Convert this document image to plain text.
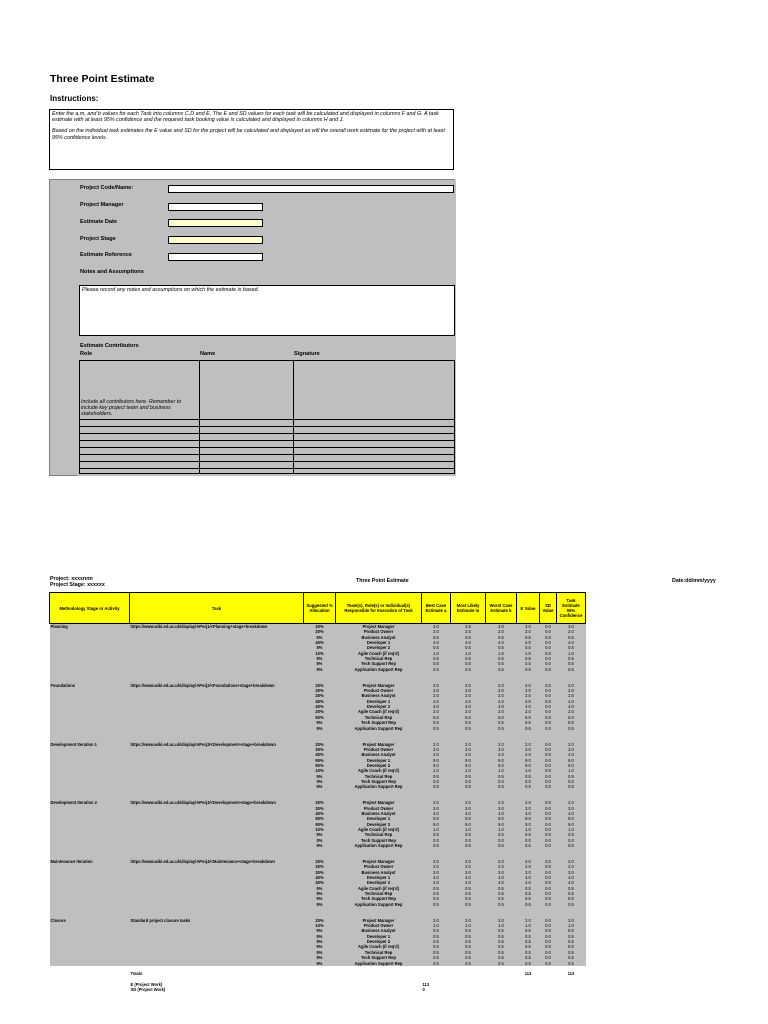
Three Point Estimate
Instructions:

Enter the a,m, and b values for each Task into columns C,D and E. The E and SD values for each task will be calculated and displayed in columns F and G. A task estimate with at least 95% confidence and the required task booking value is calculated and displayed in columns H and J.

Based on the individual task estimates the E value and SD for the project will be calculated and displayed as will the overall work estimate for the project with at least 95% confidence levels.

Project Code/Name:
Project Manager
Estimate Date
Project Stage
Estimate Reference
Notes and Assumptions
Please record any notes and assumptions on which the estimate is based.
Estimate Contributors
Role	Name	Signature
Include all contributors here. Remember to include key project team and business stakeholders.
Project: xxxxnnn
Project Stage: xxxxxx
Three Point Estimate	Date:dd/mm/yyyy
Methodology Stage or Activity	Task	Suggested % Allocation	Team(s), Role(s) or Individual(s) Responsible for Execution of Task	Best Case Estimate a	Most Likely Estimate m	Worst Case Estimate b	E Value	SD Value	Task Estimate 95% Confidence	
Planning	https://www.wiki.ed.ac.uk/display/APorj1/<Planning+stage+breakdown	20%	Project Manager	3.0	2.5	3.0	3.0	0.0	3.0	
		20%	Product Owner	2.0	2.5	2.0	2.0	0.0	2.0	
		5%	Business Analyst	0.5	0.5	0.5	0.5	0.0	0.5	
		40%	Developer 1	4.0	4.0	4.0	4.0	0.0	4.0	
		5%	Developer 2	0.5	0.5	0.5	0.5	0.0	0.5	
		10%	Agile Coach (if req'd)	1.0	1.0	1.0	1.0	0.0	1.0	
		5%	Technical Rep	0.5	0.5	0.5	0.5	0.0	0.5	
		5%	Tech Support Rep	0.5	0.5	0.5	0.5	0.0	0.5	
		5%	Application Support Rep	0.5	0.5	0.5	0.5	0.0	0.5	

Foundations	https://www.wiki.ed.ac.uk/display/APorj2/<Foundations+stage+breakdown	20%	Project Manager	2.0	2.0	2.0	2.0	0.0	2.0	
		20%	Product Owner	2.0	2.0	2.0	2.0	0.0	2.0	
		25%	Business Analyst	2.5	2.5	2.5	2.5	0.0	2.5	
		40%	Developer 1	4.0	4.0	4.0	4.0	0.0	4.0	
		40%	Developer 2	4.0	4.0	4.0	4.0	0.0	4.0	
		20%	Agile Coach (if req'd)	2.0	2.0	2.0	2.0	0.0	2.0	
		50%	Technical Rep	5.0	5.0	5.0	5.0	0.0	5.0	
		5%	Tech Support Rep	0.5	0.5	0.5	0.5	0.0	0.5	
		5%	Application Support Rep	0.5	0.5	0.5	0.5	0.0	0.5	

Development Iteration 1	https://www.wiki.ed.ac.uk/display/APorj3/<Development+stage+breakdown	20%	Project Manager	2.0	2.0	2.0	2.0	0.0	2.0	
		30%	Product Owner	3.0	3.0	3.0	3.0	0.0	3.0	
		40%	Business Analyst	4.0	4.0	4.0	4.0	0.0	4.0	
		90%	Developer 1	9.0	9.0	9.0	9.0	0.0	9.0	
		90%	Developer 2	9.0	9.0	9.0	9.0	0.0	9.0	
		10%	Agile Coach (if req'd)	1.0	1.0	1.0	1.0	0.0	1.0	
		5%	Technical Rep	0.5	0.5	0.5	0.5	0.0	0.5	
		0%	Tech Support Rep	0.0	0.0	0.0	0.0	0.0	0.0	
		5%	Application Support Rep	0.5	0.5	0.5	0.5	0.0	0.5	

Development Iteration 2	https://www.wiki.ed.ac.uk/display/APorj3/<Development+stage+breakdown	20%	Project Manager	2.0	2.0	2.0	2.0	0.0	2.0	
		30%	Product Owner	3.0	3.0	3.0	3.0	0.0	3.0	
		40%	Business Analyst	4.0	4.0	4.0	4.0	0.0	4.0	
		90%	Developer 1	9.0	9.0	9.0	9.0	0.0	9.0	
		90%	Developer 2	9.0	9.0	9.0	9.0	0.0	9.0	
		10%	Agile Coach (if req'd)	1.0	1.0	1.0	1.0	0.0	1.0	
		5%	Technical Rep	0.5	0.5	0.5	0.5	0.0	0.5	
		0%	Tech Support Rep	0.0	0.0	0.0	0.0	0.0	0.0	
		5%	Application Support Rep	0.5	0.5	0.5	0.5	0.0	0.5	

Maintenance Iteration	https://www.wiki.ed.ac.uk/display/APorj4/<Maintenance+stage+breakdown	20%	Project Manager	2.0	2.0	2.0	2.0	0.0	2.0	
		20%	Product Owner	2.0	2.0	2.0	2.0	0.0	2.0	
		30%	Business Analyst	3.0	3.0	3.0	3.0	0.0	3.0	
		40%	Developer 1	4.0	4.0	4.0	4.0	0.0	4.0	
		40%	Developer 2	4.0	4.0	4.0	4.0	0.0	4.0	
		5%	Agile Coach (if req'd)	0.5	0.5	0.5	0.5	0.0	0.5	
		5%	Technical Rep	0.5	0.5	0.5	0.5	0.0	0.5	
		5%	Tech Support Rep	0.5	0.5	0.5	0.5	0.0	0.5	
		5%	Application Support Rep	0.5	0.5	0.5	0.5	0.0	0.5	

Closure	Standard project closure tasks	20%	Project Manager	2.0	2.0	2.0	2.0	0.0	2.0	
		10%	Product Owner	1.0	1.0	1.0	1.0	0.0	1.0	
		5%	Business Analyst	0.5	0.5	0.5	0.5	0.0	0.5	
		5%	Developer 1	0.5	0.5	0.5	0.5	0.0	0.5	
		5%	Developer 2	0.5	0.5	0.5	0.5	0.0	0.5	
		5%	Agile Coach (if req'd)	0.5	0.5	0.5	0.5	0.0	0.5	
		5%	Technical Rep	0.5	0.5	0.5	0.5	0.0	0.5	
		5%	Tech Support Rep	0.5	0.5	0.5	0.5	0.0	0.5	
		5%	Application Support Rep	0.5	0.5	0.5	0.5	0.0	0.5	

	Totals						113		113	

	E (Project Work)			113						
	SD (Project Work)			0						
